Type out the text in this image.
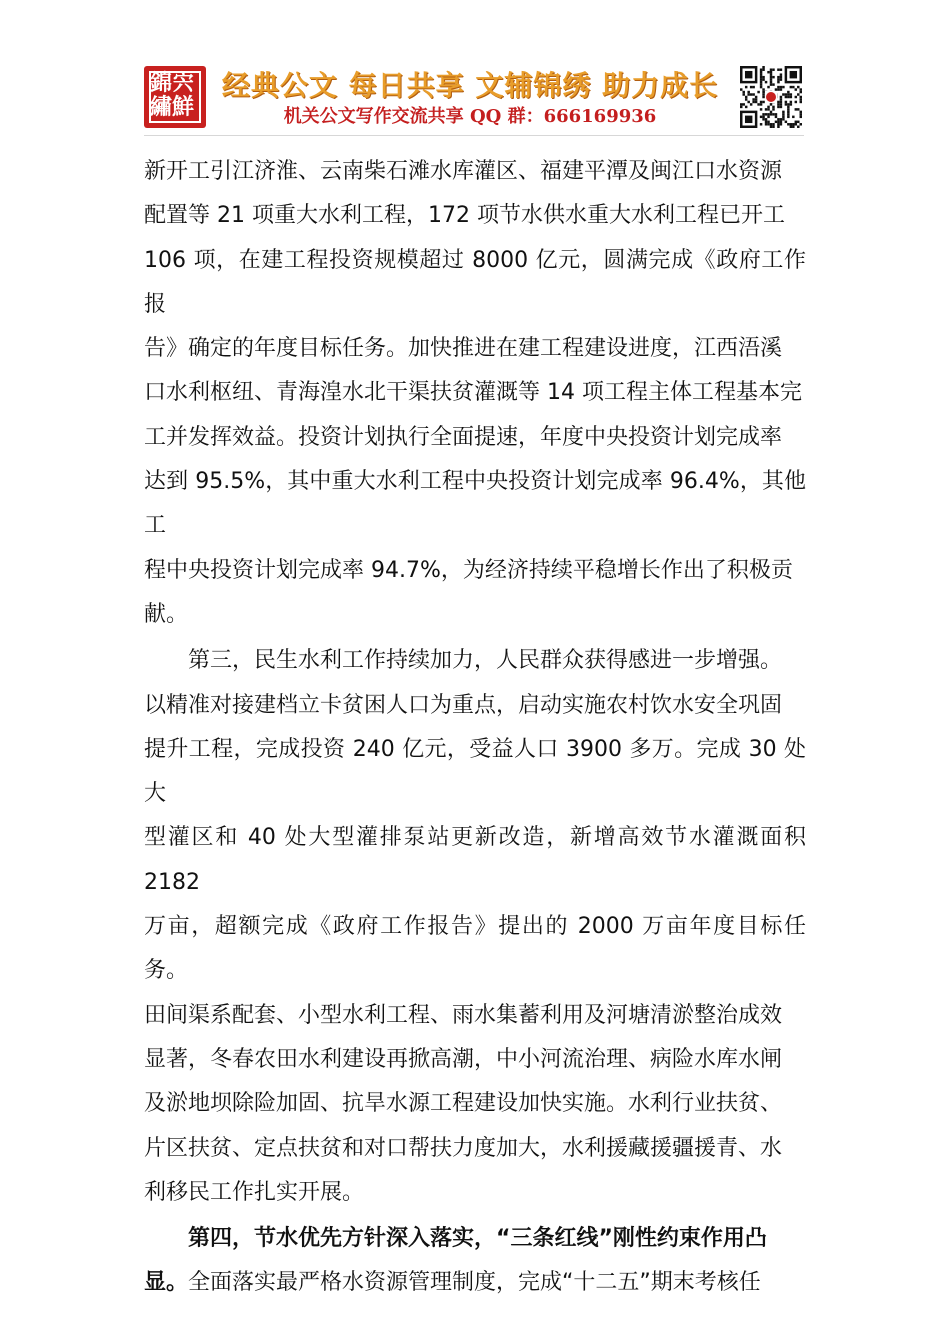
錦 宍
繡 鮮
经典公文 每日共享 文辅锦绣 助力成长
机关公文写作交流共享 QQ 群：666169936

新开工引江济淮、云南柴石滩水库灌区、福建平潭及闽江口水资源

配置等 21 项重大水利工程，172 项节水供水重大水利工程已开工

106 项，在建工程投资规模超过 8000 亿元，圆满完成《政府工作报

告》确定的年度目标任务。加快推进在建工程建设进度，江西浯溪

口水利枢纽、青海湟水北干渠扶贫灌溉等 14 项工程主体工程基本完

工并发挥效益。投资计划执行全面提速，年度中央投资计划完成率

达到 95.5%，其中重大水利工程中央投资计划完成率 96.4%，其他工

程中央投资计划完成率 94.7%，为经济持续平稳增长作出了积极贡

献。

第三，民生水利工作持续加力，人民群众获得感进一步增强。

以精准对接建档立卡贫困人口为重点，启动实施农村饮水安全巩固

提升工程，完成投资 240 亿元，受益人口 3900 多万。完成 30 处大

型灌区和 40 处大型灌排泵站更新改造，新增高效节水灌溉面积 2182

万亩，超额完成《政府工作报告》提出的 2000 万亩年度目标任务。

田间渠系配套、小型水利工程、雨水集蓄利用及河塘清淤整治成效

显著，冬春农田水利建设再掀高潮，中小河流治理、病险水库水闸

及淤地坝除险加固、抗旱水源工程建设加快实施。水利行业扶贫、

片区扶贫、定点扶贫和对口帮扶力度加大，水利援藏援疆援青、水

利移民工作扎实开展。

第四，节水优先方针深入落实，“三条红线”刚性约束作用凸

显。全面落实最严格水资源管理制度，完成“十二五”期末考核任
